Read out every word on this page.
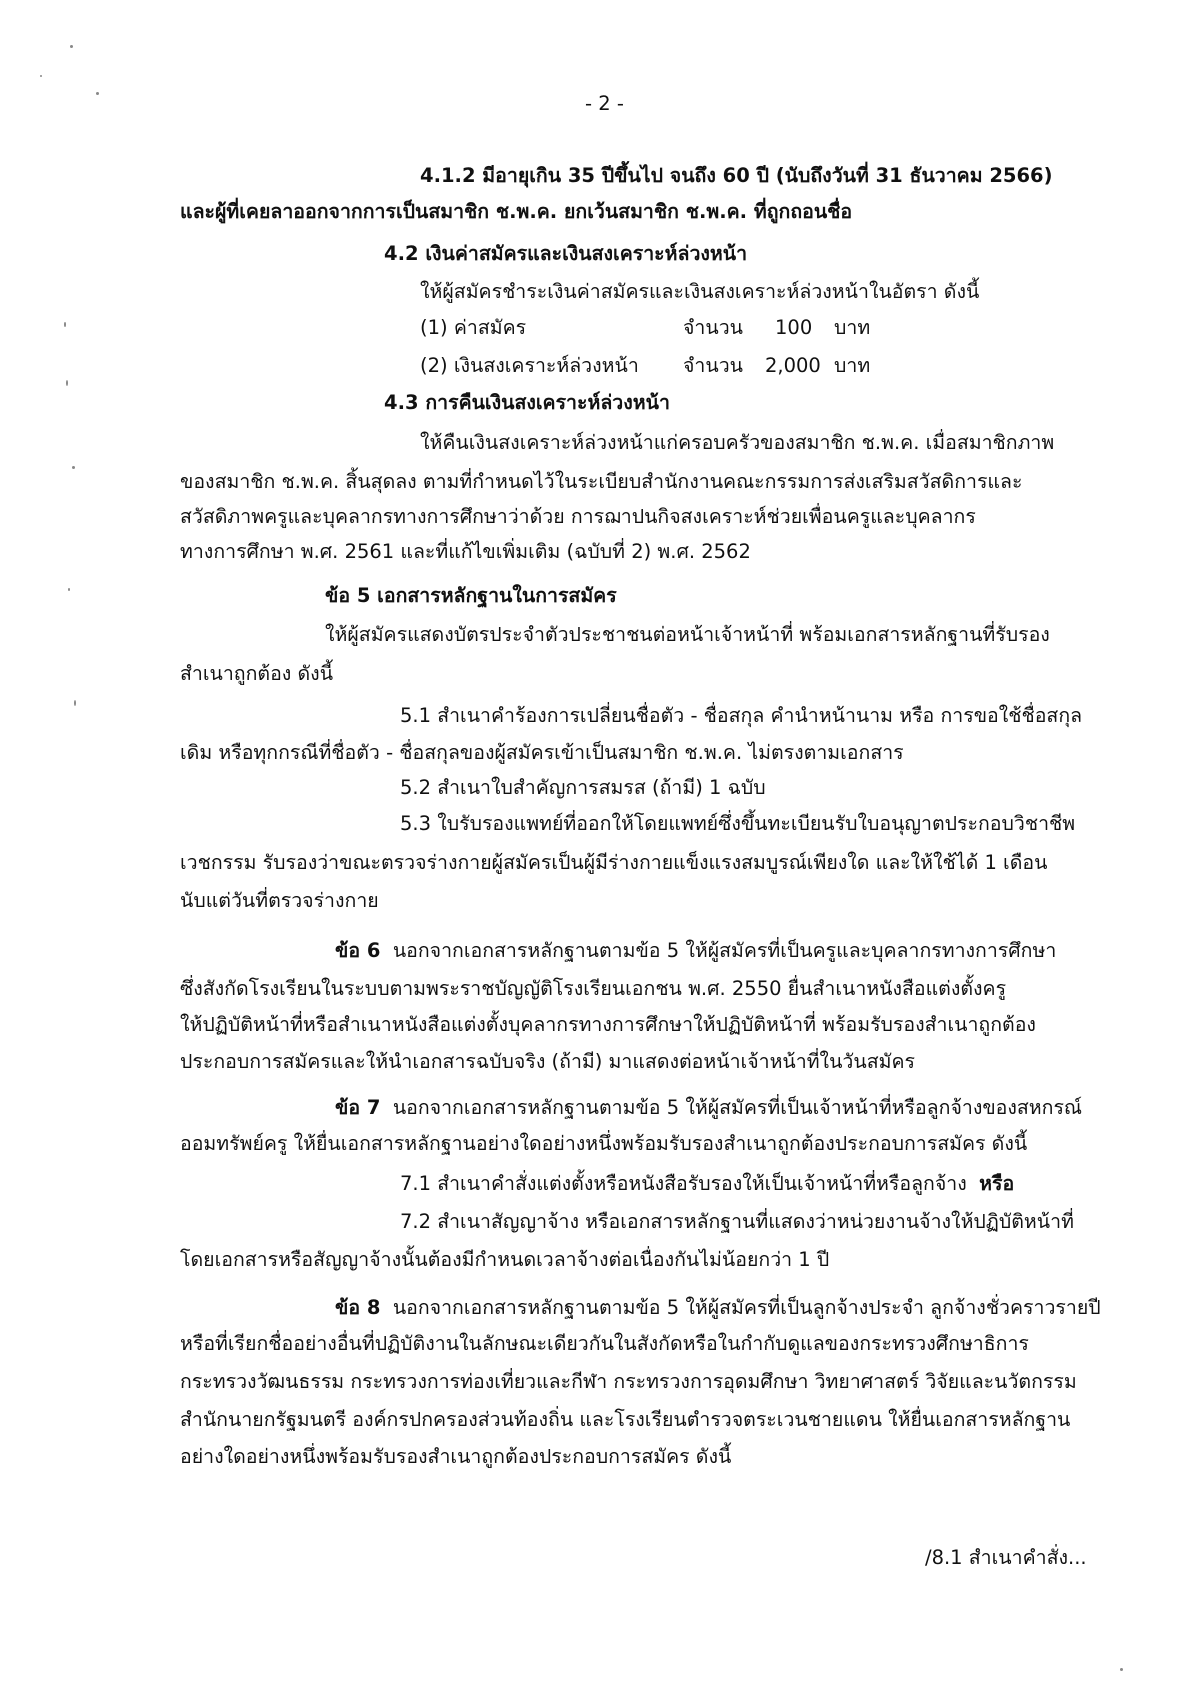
- 2 -

4.1.2 มีอายุเกิน 35 ปีขึ้นไป จนถึง 60 ปี (นับถึงวันที่ 31 ธันวาคม 2566)

และผู้ที่เคยลาออกจากการเป็นสมาชิก ช.พ.ค. ยกเว้นสมาชิก ช.พ.ค. ที่ถูกถอนชื่อ

4.2 เงินค่าสมัครและเงินสงเคราะห์ล่วงหน้า

ให้ผู้สมัครชำระเงินค่าสมัครและเงินสงเคราะห์ล่วงหน้าในอัตรา ดังนี้

(1) ค่าสมัคร	จำนวน 100 บาท
(2) เงินสงเคราะห์ล่วงหน้า จำนวน 2,000 บาท

4.3 การคืนเงินสงเคราะห์ล่วงหน้า

ให้คืนเงินสงเคราะห์ล่วงหน้าแก่ครอบครัวของสมาชิก ช.พ.ค. เมื่อสมาชิกภาพ

ของสมาชิก ช.พ.ค. สิ้นสุดลง ตามที่กำหนดไว้ในระเบียบสำนักงานคณะกรรมการส่งเสริมสวัสดิการและ

สวัสดิภาพครูและบุคลากรทางการศึกษาว่าด้วย การฌาปนกิจสงเคราะห์ช่วยเพื่อนครูและบุคลากร

ทางการศึกษา พ.ศ. 2561 และที่แก้ไขเพิ่มเติม (ฉบับที่ 2) พ.ศ. 2562

ข้อ 5 เอกสารหลักฐานในการสมัคร

ให้ผู้สมัครแสดงบัตรประจำตัวประชาชนต่อหน้าเจ้าหน้าที่ พร้อมเอกสารหลักฐานที่รับรอง

สำเนาถูกต้อง ดังนี้

5.1 สำเนาคำร้องการเปลี่ยนชื่อตัว - ชื่อสกุล คำนำหน้านาม หรือ การขอใช้ชื่อสกุล

เดิม หรือทุกกรณีที่ชื่อตัว - ชื่อสกุลของผู้สมัครเข้าเป็นสมาชิก ช.พ.ค. ไม่ตรงตามเอกสาร

5.2 สำเนาใบสำคัญการสมรส (ถ้ามี) 1 ฉบับ

5.3 ใบรับรองแพทย์ที่ออกให้โดยแพทย์ซึ่งขึ้นทะเบียนรับใบอนุญาตประกอบวิชาชีพ

เวชกรรม รับรองว่าขณะตรวจร่างกายผู้สมัครเป็นผู้มีร่างกายแข็งแรงสมบูรณ์เพียงใด และให้ใช้ได้ 1 เดือน

นับแต่วันที่ตรวจร่างกาย

ข้อ 6 นอกจากเอกสารหลักฐานตามข้อ 5 ให้ผู้สมัครที่เป็นครูและบุคลากรทางการศึกษา

ซึ่งสังกัดโรงเรียนในระบบตามพระราชบัญญัติโรงเรียนเอกชน พ.ศ. 2550 ยื่นสำเนาหนังสือแต่งตั้งครู

ให้ปฏิบัติหน้าที่หรือสำเนาหนังสือแต่งตั้งบุคลากรทางการศึกษาให้ปฏิบัติหน้าที่ พร้อมรับรองสำเนาถูกต้อง

ประกอบการสมัครและให้นำเอกสารฉบับจริง (ถ้ามี) มาแสดงต่อหน้าเจ้าหน้าที่ในวันสมัคร

ข้อ 7 นอกจากเอกสารหลักฐานตามข้อ 5 ให้ผู้สมัครที่เป็นเจ้าหน้าที่หรือลูกจ้างของสหกรณ์

ออมทรัพย์ครู ให้ยื่นเอกสารหลักฐานอย่างใดอย่างหนึ่งพร้อมรับรองสำเนาถูกต้องประกอบการสมัคร ดังนี้

7.1 สำเนาคำสั่งแต่งตั้งหรือหนังสือรับรองให้เป็นเจ้าหน้าที่หรือลูกจ้าง หรือ

7.2 สำเนาสัญญาจ้าง หรือเอกสารหลักฐานที่แสดงว่าหน่วยงานจ้างให้ปฏิบัติหน้าที่

โดยเอกสารหรือสัญญาจ้างนั้นต้องมีกำหนดเวลาจ้างต่อเนื่องกันไม่น้อยกว่า 1 ปี

ข้อ 8 นอกจากเอกสารหลักฐานตามข้อ 5 ให้ผู้สมัครที่เป็นลูกจ้างประจำ ลูกจ้างชั่วคราวรายปี

หรือที่เรียกชื่ออย่างอื่นที่ปฏิบัติงานในลักษณะเดียวกันในสังกัดหรือในกำกับดูแลของกระทรวงศึกษาธิการ

กระทรวงวัฒนธรรม กระทรวงการท่องเที่ยวและกีฬา กระทรวงการอุดมศึกษา วิทยาศาสตร์ วิจัยและนวัตกรรม

สำนักนายกรัฐมนตรี องค์กรปกครองส่วนท้องถิ่น และโรงเรียนตำรวจตระเวนชายแดน ให้ยื่นเอกสารหลักฐาน

อย่างใดอย่างหนึ่งพร้อมรับรองสำเนาถูกต้องประกอบการสมัคร ดังนี้

/8.1 สำเนาคำสั่ง...
